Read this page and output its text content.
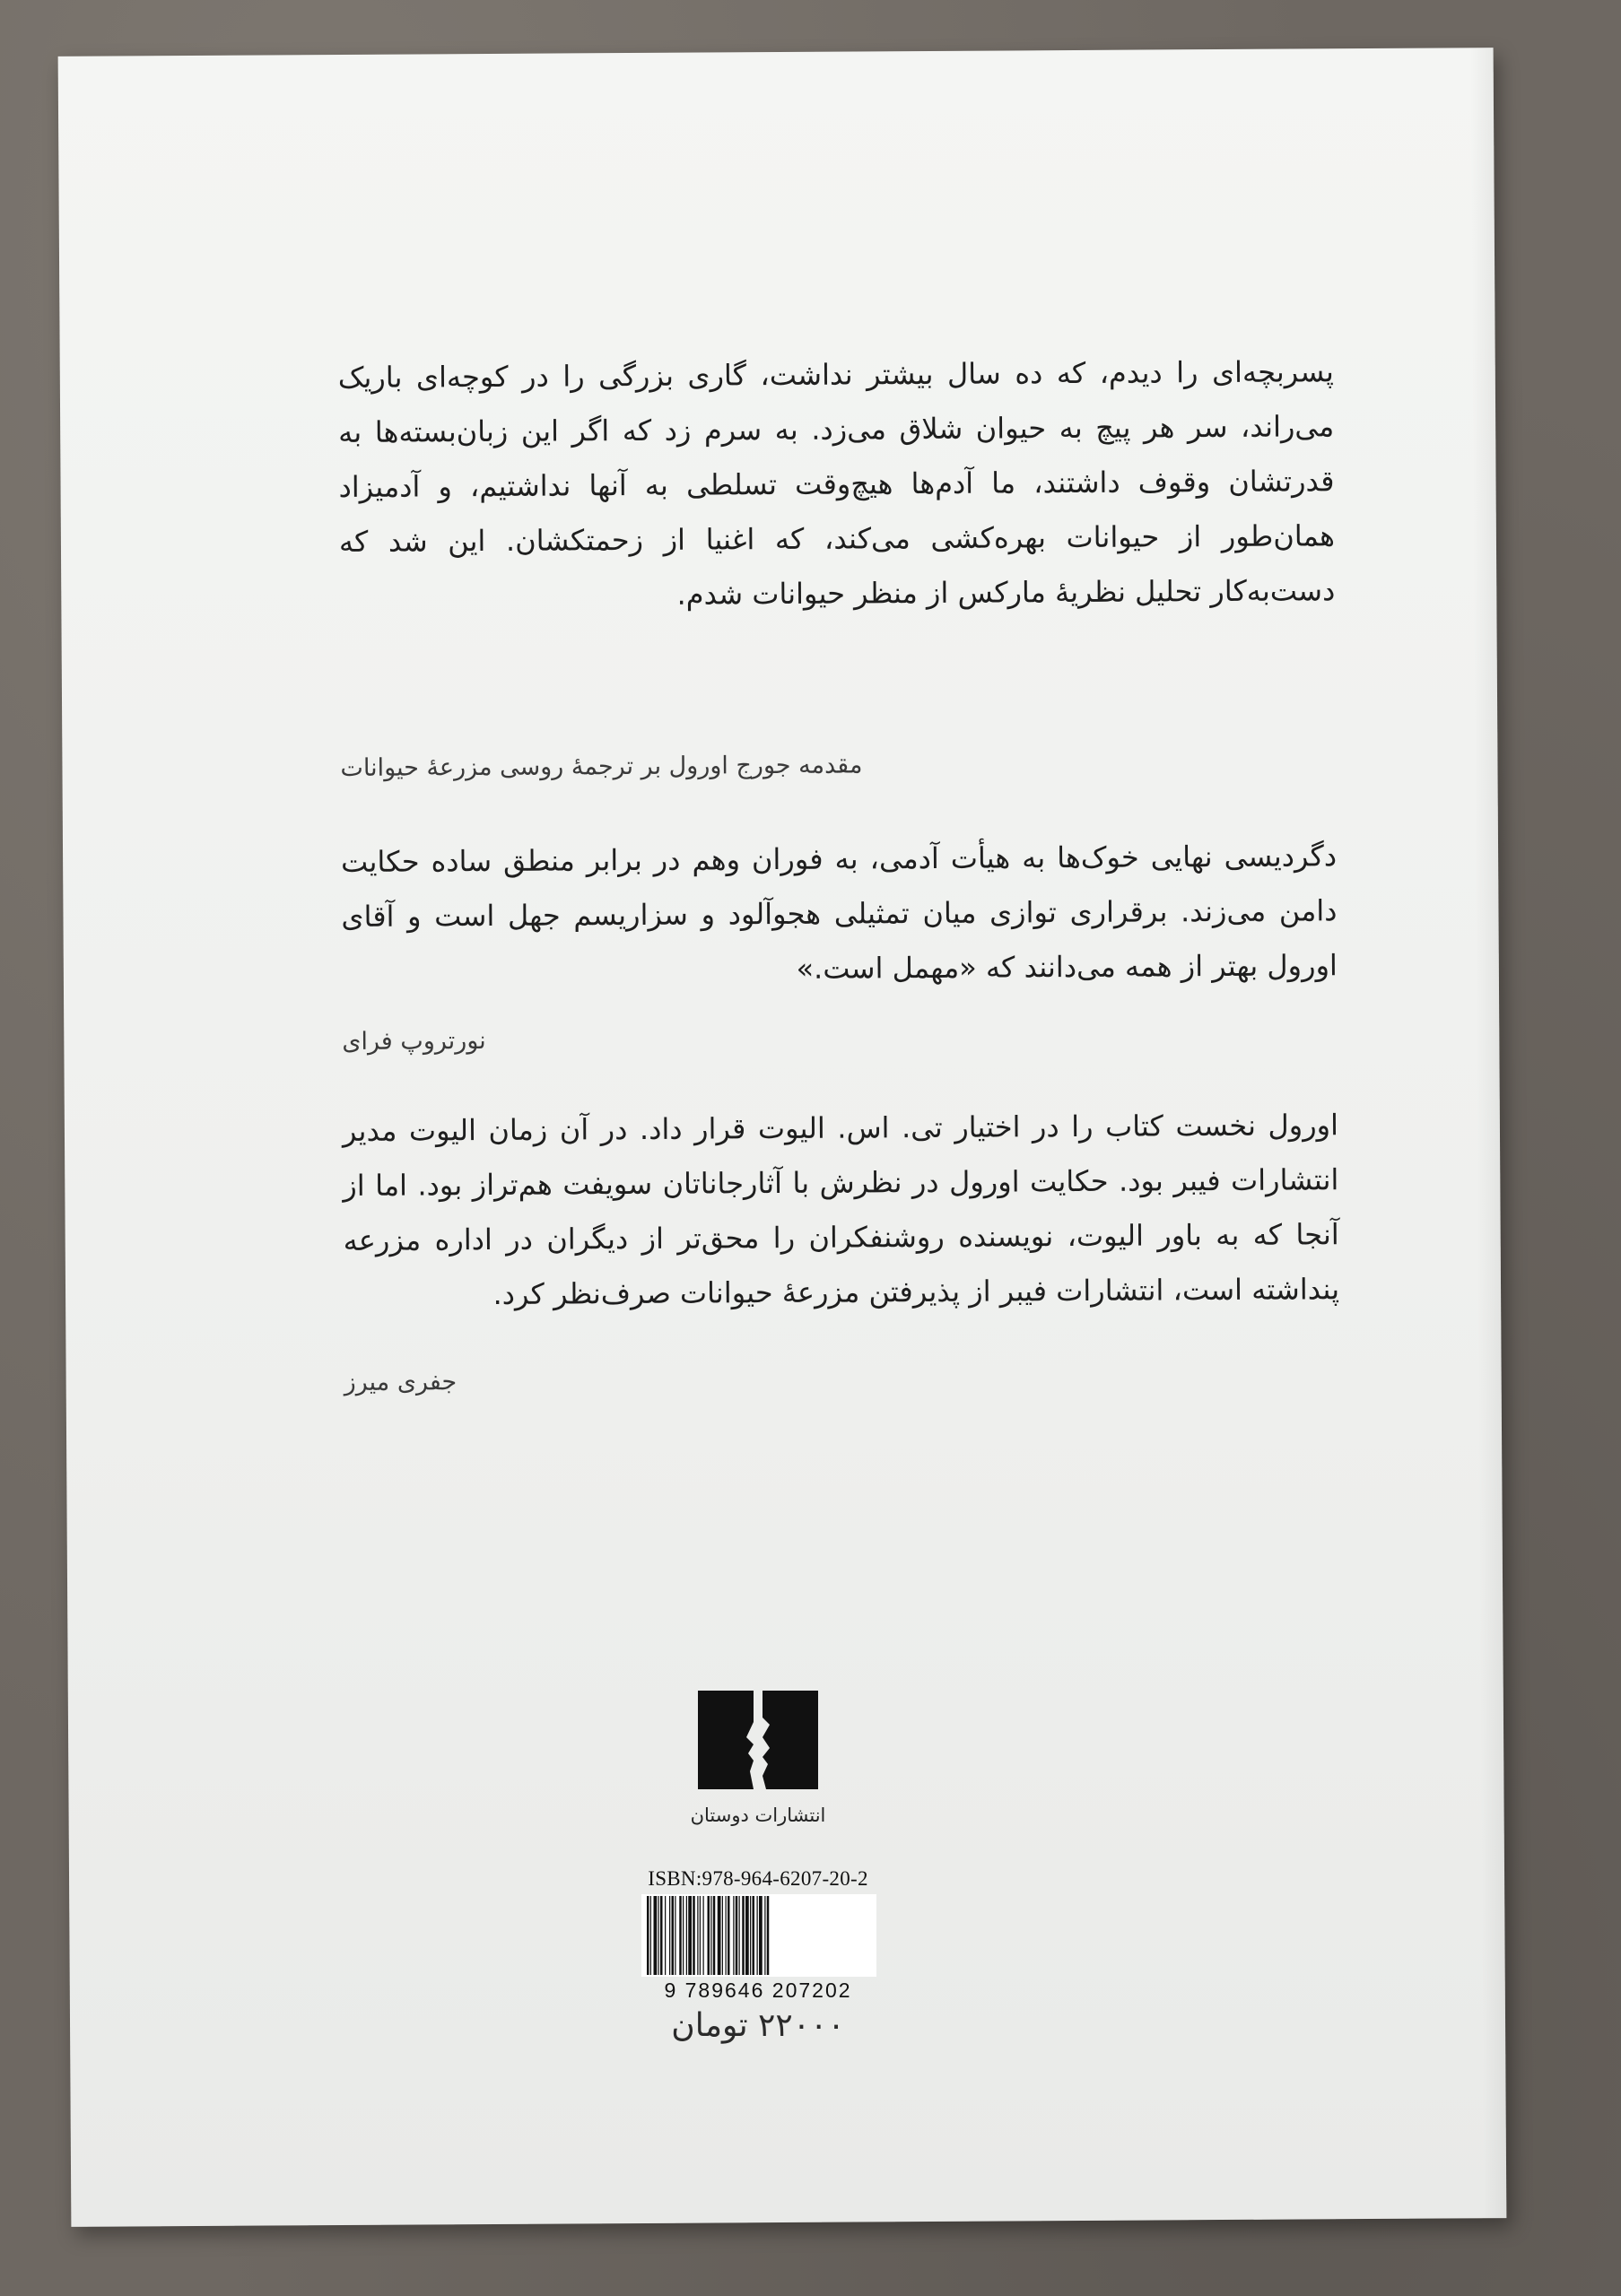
پسربچه‌ای را دیدم، که ده سال بیشتر نداشت، گاری بزرگی را در کوچه‌ای باریک می‌راند، سر هر پیچ به حیوان شلاق می‌زد. به سرم زد که اگر این زبان‌بسته‌ها به قدرتشان وقوف داشتند، ما آدم‌ها هیچ‌وقت تسلطی به آنها نداشتیم، و آدمیزاد همان‌طور از حیوانات بهره‌کشی می‌کند، که اغنیا از زحمتکشان. این شد که دست‌به‌کار تحلیل نظریهٔ مارکس از منظر حیوانات شدم.

مقدمه جورج اورول بر ترجمهٔ روسی مزرعهٔ حیوانات

دگردیسی نهایی خوک‌ها به هیأت آدمی، به فوران وهم در برابر منطق ساده حکایت دامن می‌زند. برقراری توازی میان تمثیلی هجوآلود و سزاریسم جهل است و آقای اورول بهتر از همه می‌دانند که «مهمل است.»

نورتروپ فرای

اورول نخست کتاب را در اختیار تی. اس. الیوت قرار داد. در آن زمان الیوت مدیر انتشارات فیبر بود. حکایت اورول در نظرش با آثارجاناتان سویفت هم‌تراز بود. اما از آنجا که به باور الیوت، نویسنده روشنفکران را محق‌تر از دیگران در اداره مزرعه پنداشته است، انتشارات فیبر از پذیرفتن مزرعهٔ حیوانات صرف‌نظر کرد.

جفری میرز
انتشارات دوستان
ISBN:978-964-6207-20-2
9 789646 207202
۲۲۰۰۰ تومان
